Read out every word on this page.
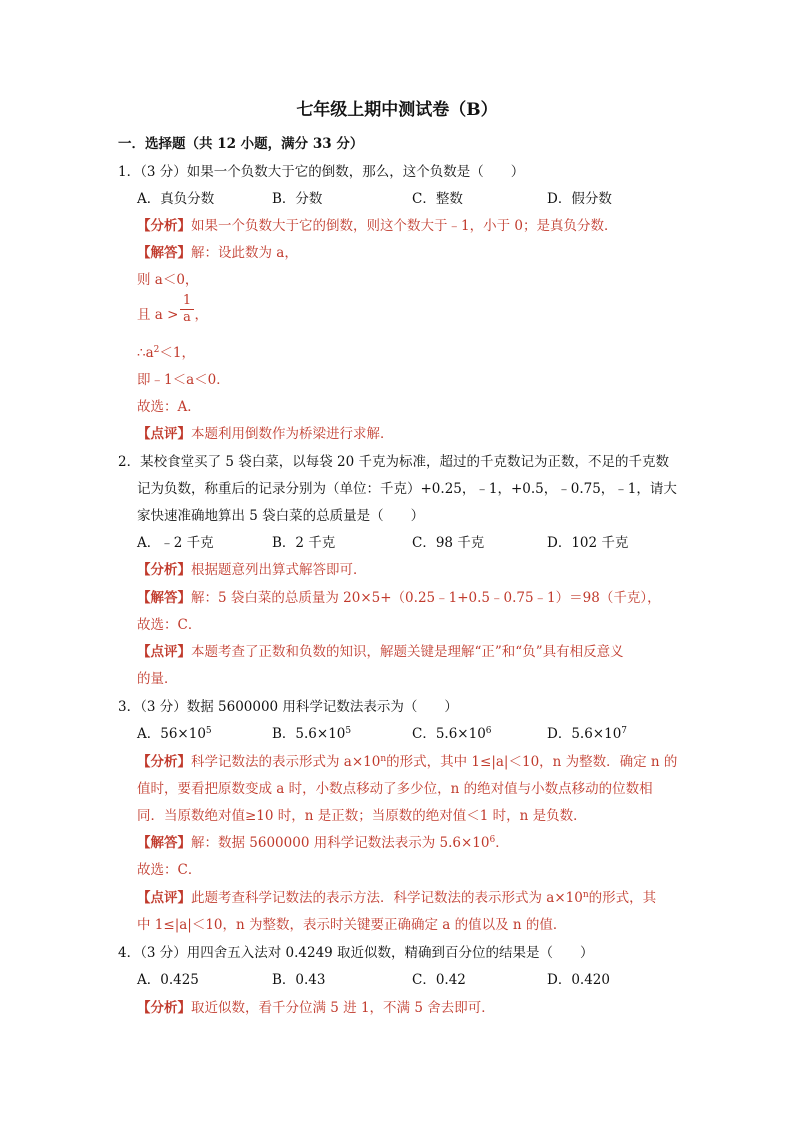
七年级上期中测试卷（B）
一．选择题（共 12 小题，满分 33 分）
1．（3 分）如果一个负数大于它的倒数，那么，这个负数是（　　）
A．真负分数	B．分数	C．整数	D．假分数
【分析】如果一个负数大于它的倒数，则这个数大于﹣1，小于 0；是真负分数．
【解答】解：设此数为 a，
则 a＜0，
且 a > ，
1
a
$\therefore a^2<1$，
即﹣1＜a＜0．
故选：A．
【点评】本题利用倒数作为桥梁进行求解．
2．某校食堂买了 5 袋白菜，以每袋 20 千克为标准，超过的千克数记为正数，不足的千克数
记为负数，称重后的记录分别为（单位：千克）+0.25，﹣1，+0.5，﹣0.75，﹣1，请大
家快速准确地算出 5 袋白菜的总质量是（　　）
A．﹣2 千克	B．2 千克	C．98 千克	D．102 千克
【分析】根据题意列出算式解答即可．
【解答】解：5 袋白菜的总质量为 20×5+（0.25﹣1+0.5﹣0.75﹣1）＝98（千克），
故选：C．
【点评】本题考查了正数和负数的知识，解题关键是理解“正”和“负”具有相反意义
的量．
3．（3 分）数据 5600000 用科学记数法表示为（　　）
A．$56\times 10^5$	B．$5.6\times 10^5$	C．$5.6\times 10^6$	D．$5.6\times 10^7$
【分析】科学记数法的表示形式为 $a\times 10^n$的形式，其中 1≤|a|＜10，n 为整数．确定 n 的
值时，要看把原数变成 a 时，小数点移动了多少位，n 的绝对值与小数点移动的位数相
同．当原数绝对值≥10 时，n 是正数；当原数的绝对值＜1 时，n 是负数．
【解答】解：数据 5600000 用科学记数法表示为 $5.6\times 10^6$．
故选：C．
【点评】此题考查科学记数法的表示方法．科学记数法的表示形式为 $a\times 10^n$的形式，其
中 1≤|a|＜10，n 为整数，表示时关键要正确确定 a 的值以及 n 的值．
4．（3 分）用四舍五入法对 0.4249 取近似数，精确到百分位的结果是（　　）
A．0.425	B．0.43	C．0.42	D．0.420
【分析】取近似数，看千分位满 5 进 1，不满 5 舍去即可．
